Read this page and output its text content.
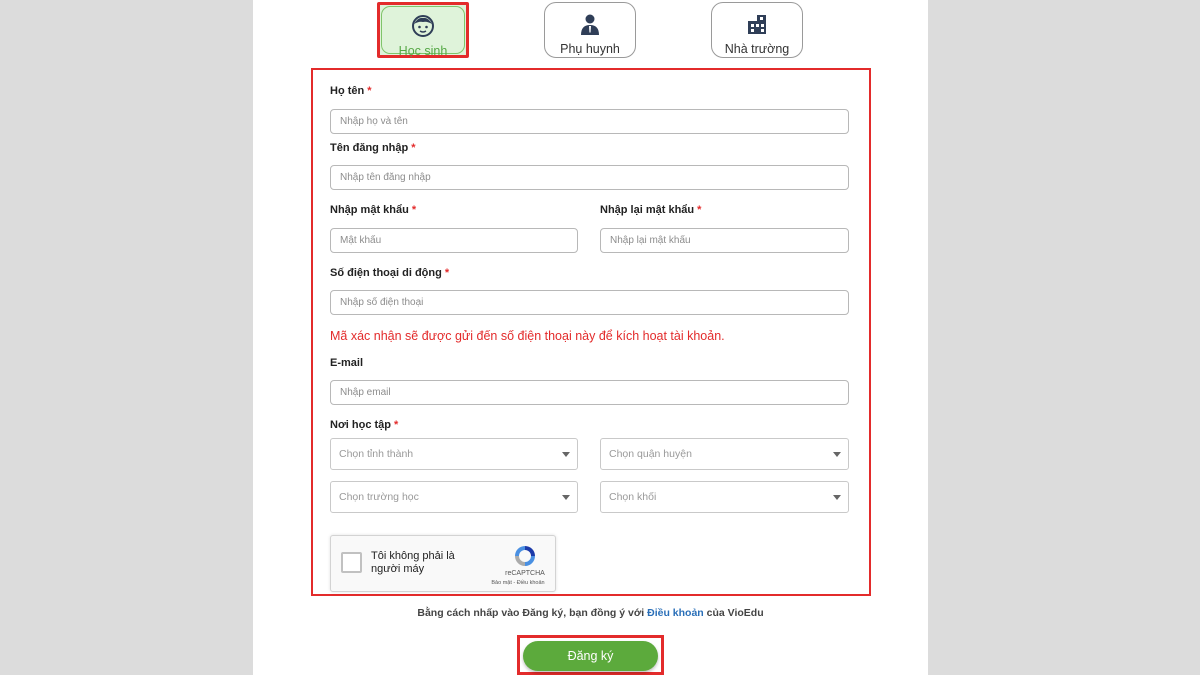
Học sinh	Phụ huynh	Nhà trường
Họ tên *
Nhập họ và tên
Tên đăng nhập *
Nhập tên đăng nhập
Nhập mật khẩu *	Nhập lại mật khẩu *
Số điện thoại di động *
Nhập số điện thoại
Mã xác nhận sẽ được gửi đến số điện thoại này để kích hoạt tài khoản.
E-mail
Nhập email
Nơi học tập *
Chọn tỉnh thành	Chọn quận huyện
Chọn trường học	Chọn khối
Tôi không phải là người máy	reCAPTCHA
Bảo mật - Điều khoản
Bằng cách nhấp vào Đăng ký, bạn đồng ý với Điều khoản của VioEdu
Đăng ký
